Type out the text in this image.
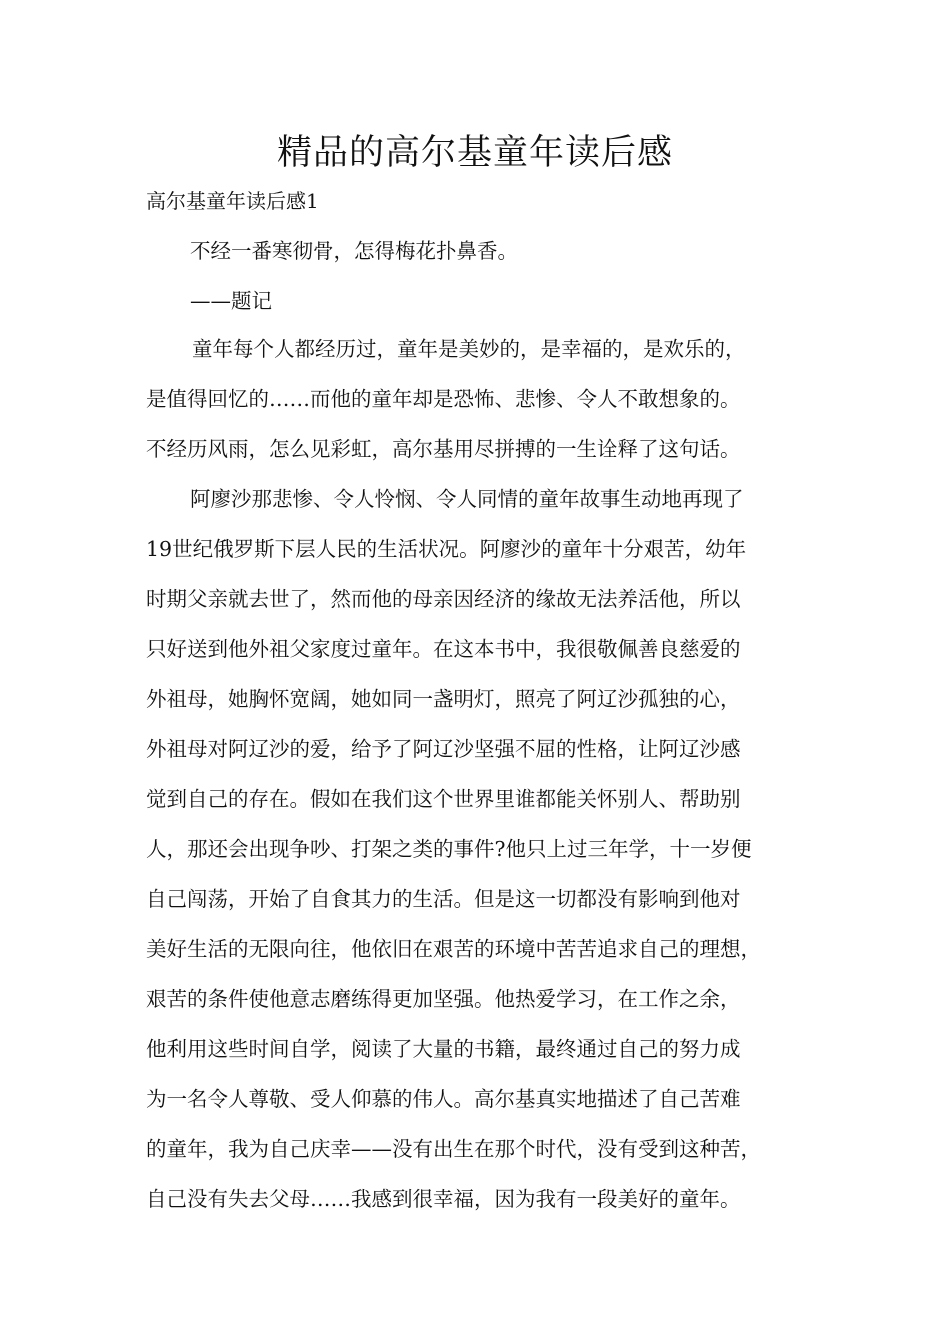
精品的高尔基童年读后感

高尔基童年读后感1

不经一番寒彻骨，怎得梅花扑鼻香。

——题记

童年每个人都经历过，童年是美妙的，是幸福的，是欢乐的，

是值得回忆的……而他的童年却是恐怖、悲惨、令人不敢想象的。

不经历风雨，怎么见彩虹，高尔基用尽拼搏的一生诠释了这句话。

阿廖沙那悲惨、令人怜悯、令人同情的童年故事生动地再现了

19世纪俄罗斯下层人民的生活状况。阿廖沙的童年十分艰苦，幼年

时期父亲就去世了，然而他的母亲因经济的缘故无法养活他，所以

只好送到他外祖父家度过童年。在这本书中，我很敬佩善良慈爱的

外祖母，她胸怀宽阔，她如同一盏明灯，照亮了阿辽沙孤独的心，

外祖母对阿辽沙的爱，给予了阿辽沙坚强不屈的性格，让阿辽沙感

觉到自己的存在。假如在我们这个世界里谁都能关怀别人、帮助别

人，那还会出现争吵、打架之类的事件?他只上过三年学，十一岁便

自己闯荡，开始了自食其力的生活。但是这一切都没有影响到他对

美好生活的无限向往，他依旧在艰苦的环境中苦苦追求自己的理想，

艰苦的条件使他意志磨练得更加坚强。他热爱学习，在工作之余，

他利用这些时间自学，阅读了大量的书籍，最终通过自己的努力成

为一名令人尊敬、受人仰慕的伟人。高尔基真实地描述了自己苦难

的童年，我为自己庆幸——没有出生在那个时代，没有受到这种苦，

自己没有失去父母……我感到很幸福，因为我有一段美好的童年。
